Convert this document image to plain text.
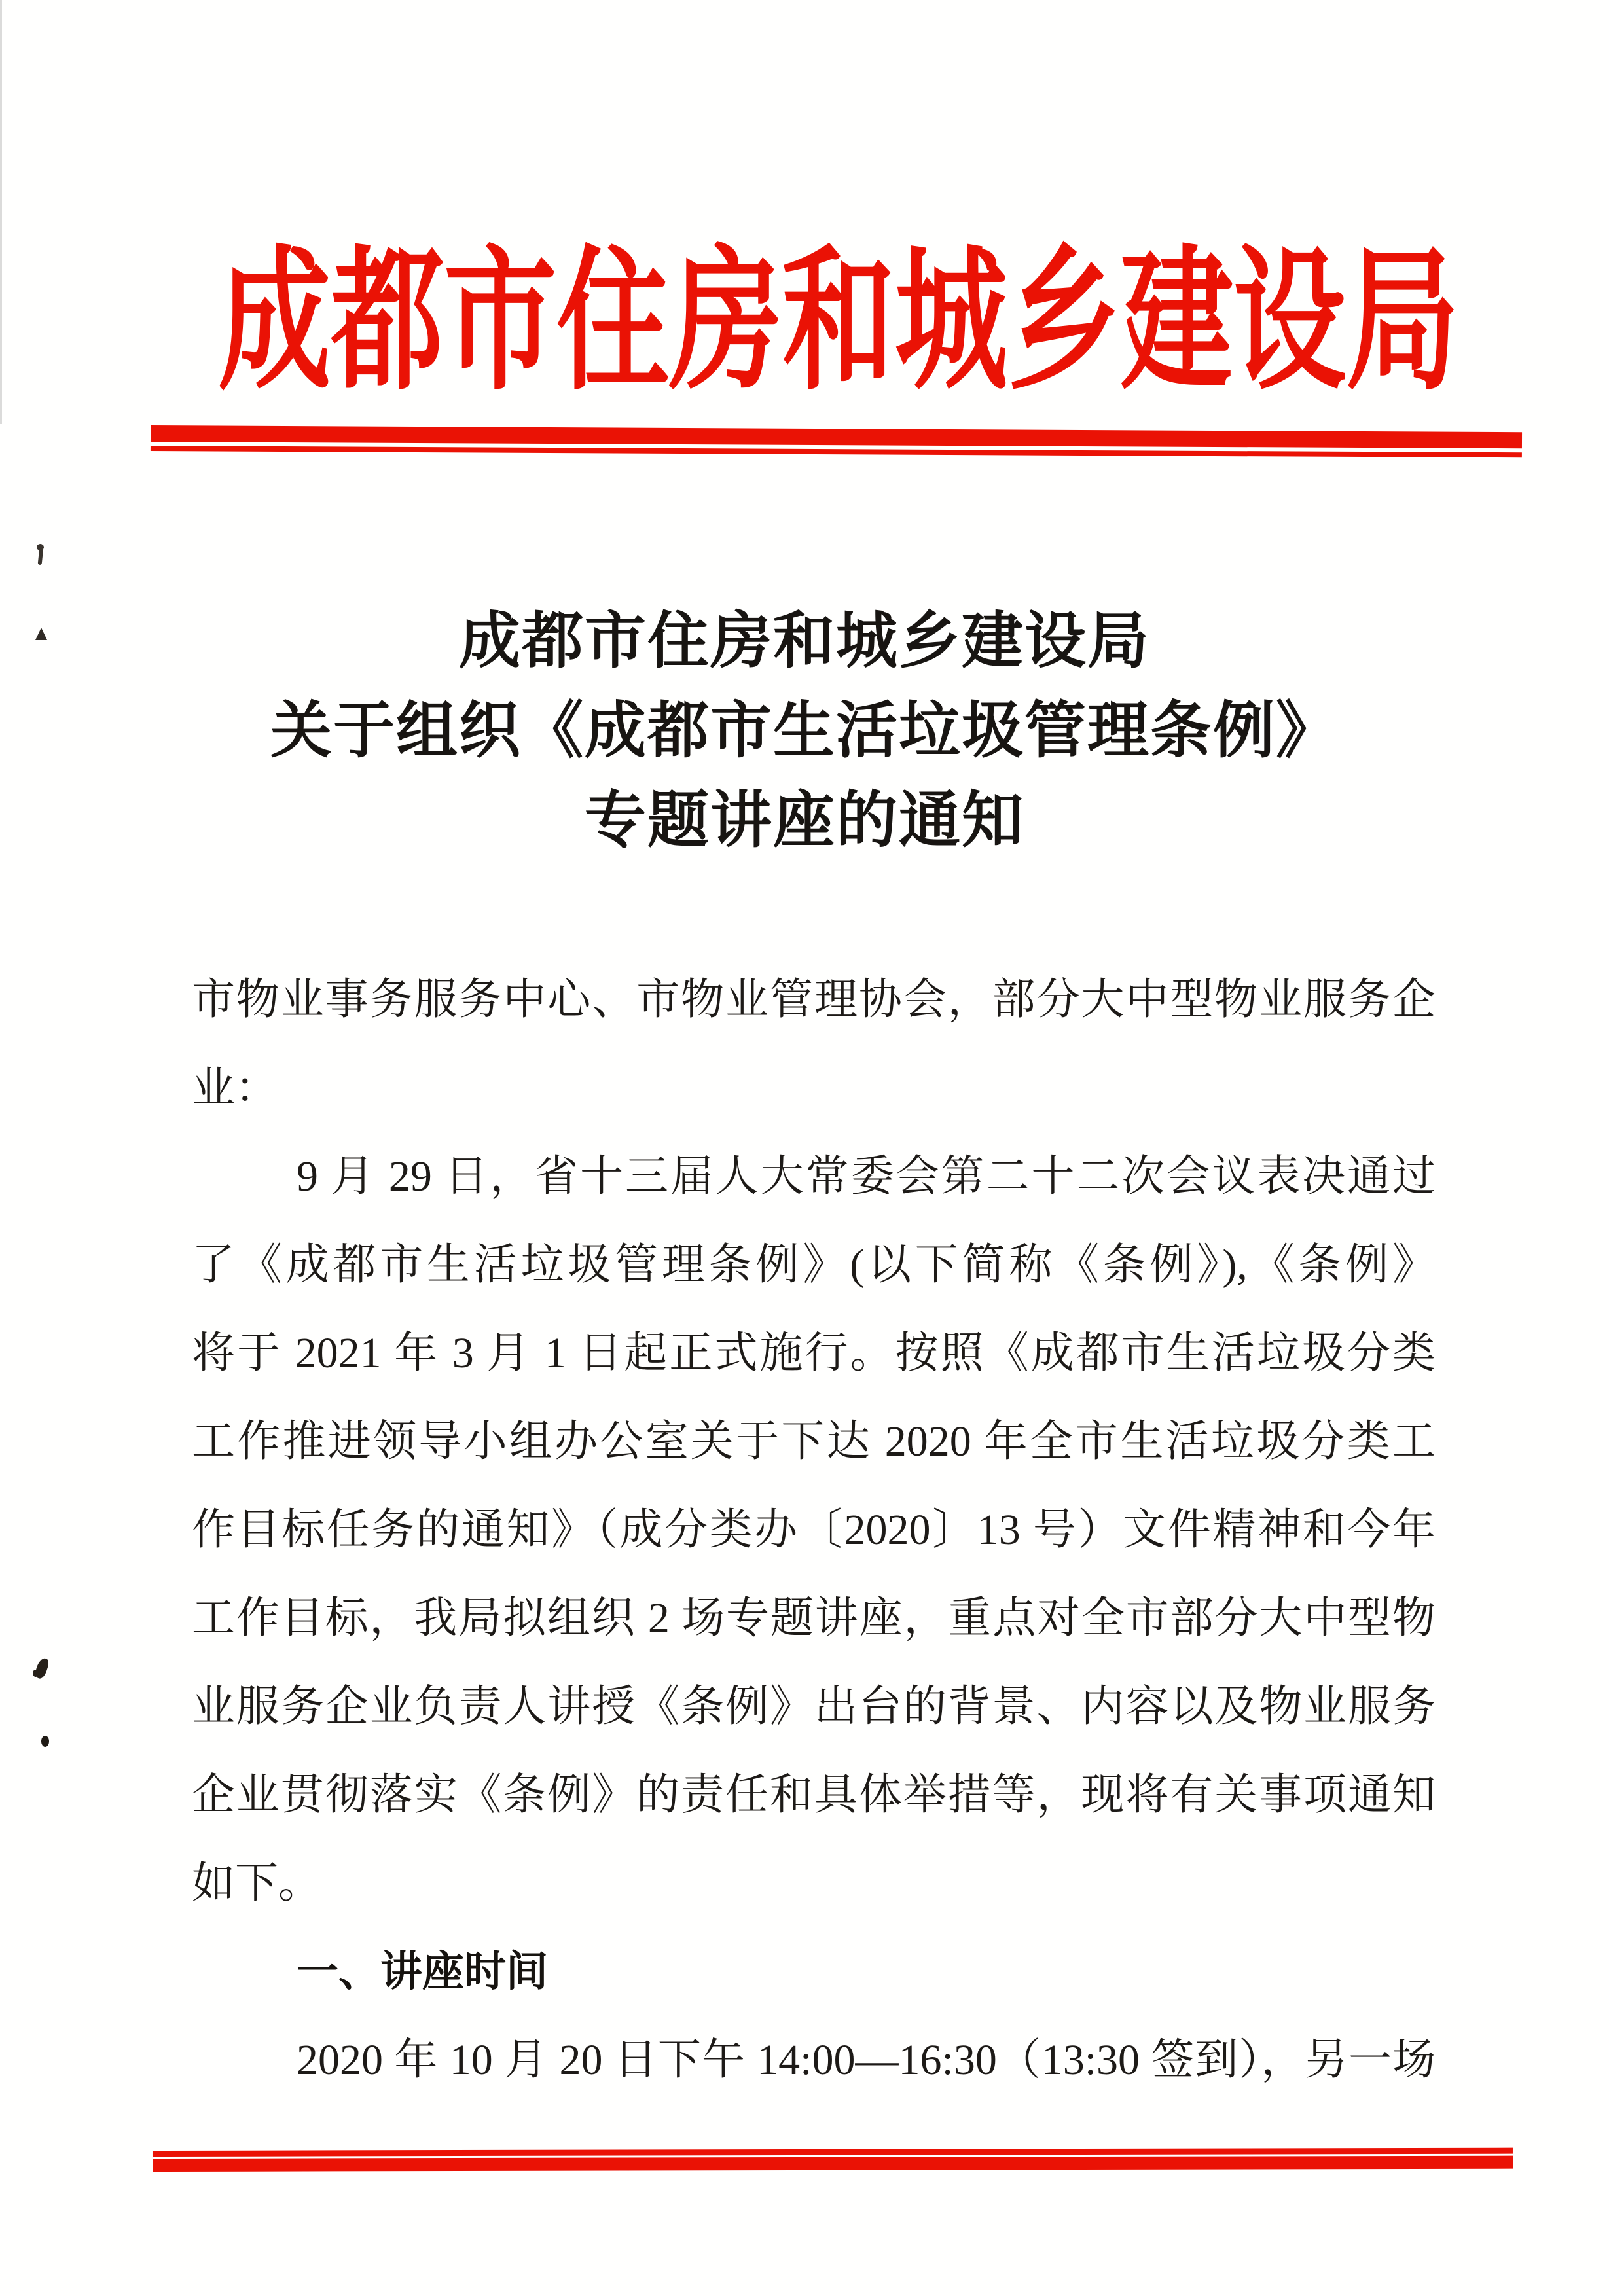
成都市住房和城乡建设局
成都市住房和城乡建设局
关于组织《成都市生活垃圾管理条例》
专题讲座的通知
市物业事务服务中心、市物业管理协会，部分大中型物业服务企
业：
9 月 29 日，省十三届人大常委会第二十二次会议表决通过
了《成都市生活垃圾管理条例》(以下简称《条例》),《条例》
将于 2021 年 3 月 1 日起正式施行。按照《成都市生活垃圾分类
工作推进领导小组办公室关于下达 2020 年全市生活垃圾分类工
作目标任务的通知》（成分类办〔2020〕13 号）文件精神和今年
工作目标，我局拟组织 2 场专题讲座，重点对全市部分大中型物
业服务企业负责人讲授《条例》出台的背景、内容以及物业服务
企业贯彻落实《条例》的责任和具体举措等，现将有关事项通知
如下。
一、讲座时间
2020 年 10 月 20 日下午 14:00—16:30（13:30 签到），另一场
